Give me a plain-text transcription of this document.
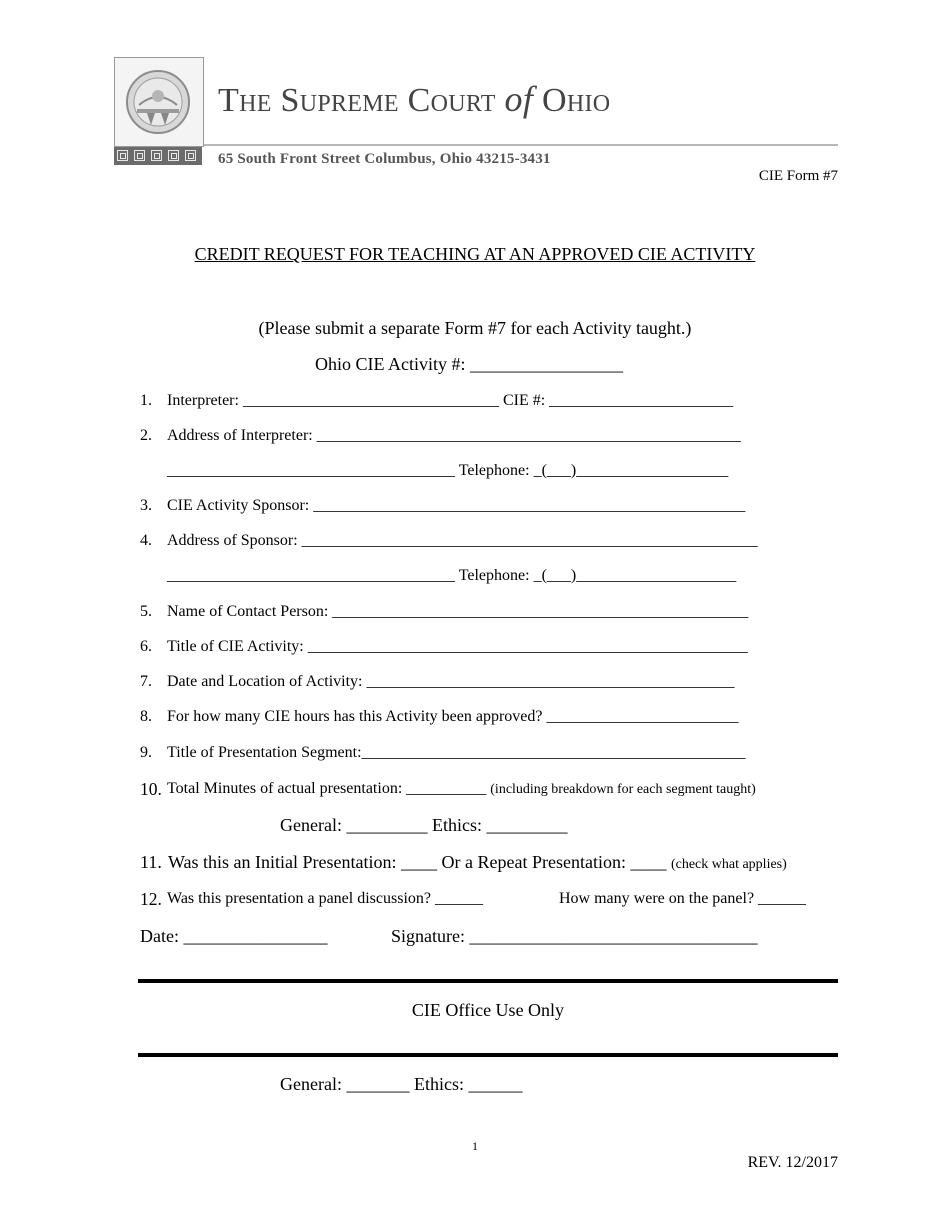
The Supreme Court of Ohio
65 South Front Street Columbus, Ohio 43215-3431
CIE Form #7
CREDIT REQUEST FOR TEACHING AT AN APPROVED CIE ACTIVITY
(Please submit a separate Form #7 for each Activity taught.)
Ohio CIE Activity #: _________________
1. Interpreter: ________________________________ CIE #: _______________________
2. Address of Interpreter: _____________________________________________________
____________________________________ Telephone: _(___)___________________
3. CIE Activity Sponsor: ______________________________________________________
4. Address of Sponsor: _________________________________________________________
____________________________________ Telephone: _(___)____________________
5. Name of Contact Person: ____________________________________________________
6. Title of CIE Activity: _______________________________________________________
7. Date and Location of Activity: ______________________________________________
8. For how many CIE hours has this Activity been approved? ________________________
9. Title of Presentation Segment:________________________________________________
10. Total Minutes of actual presentation: __________ (including breakdown for each segment taught)
General: _________ Ethics: _________
11. Was this an Initial Presentation: ____ Or a Repeat Presentation: ____ (check what applies)
12. Was this presentation a panel discussion? ______	How many were on the panel? ______
Date: ________________	Signature: ________________________________
CIE Office Use Only
General: _______ Ethics: ______
1
REV. 12/2017
